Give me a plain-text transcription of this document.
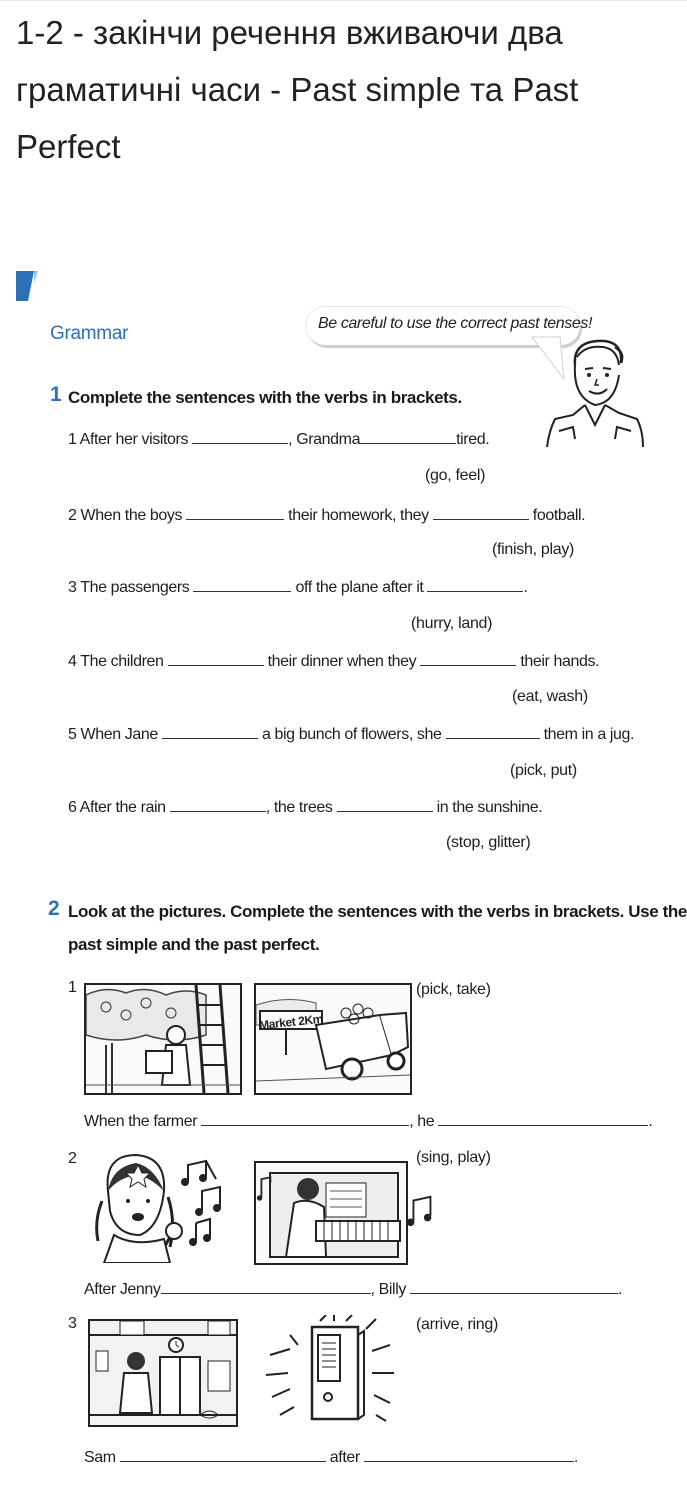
1-2 - закінчи речення вживаючи два граматичні часи - Past simple та Past Perfect
Grammar	Be careful to use the correct past tenses!
1 Complete the sentences with the verbs in brackets.
1 After her visitors	, Grandma	tired.
(go, feel)
2 When the boys	their homework, they	football.
(finish, play)
3 The passengers	off the plane after it	.
(hurry, land)
4 The children	their dinner when they	their hands.
(eat, wash)
5 When Jane	a big bunch of flowers, she	them in a jug.
(pick, put)
6 After the rain	, the trees	in the sunshine.
(stop, glitter)
2 Look at the pictures. Complete the sentences with the verbs in brackets. Use the
past simple and the past perfect.
1
Market 2Km
(pick, take)
When the farmer	, he	.
2	(sing, play)
After Jenny	, Billy	.
3	(arrive, ring)
Sam	after	.
